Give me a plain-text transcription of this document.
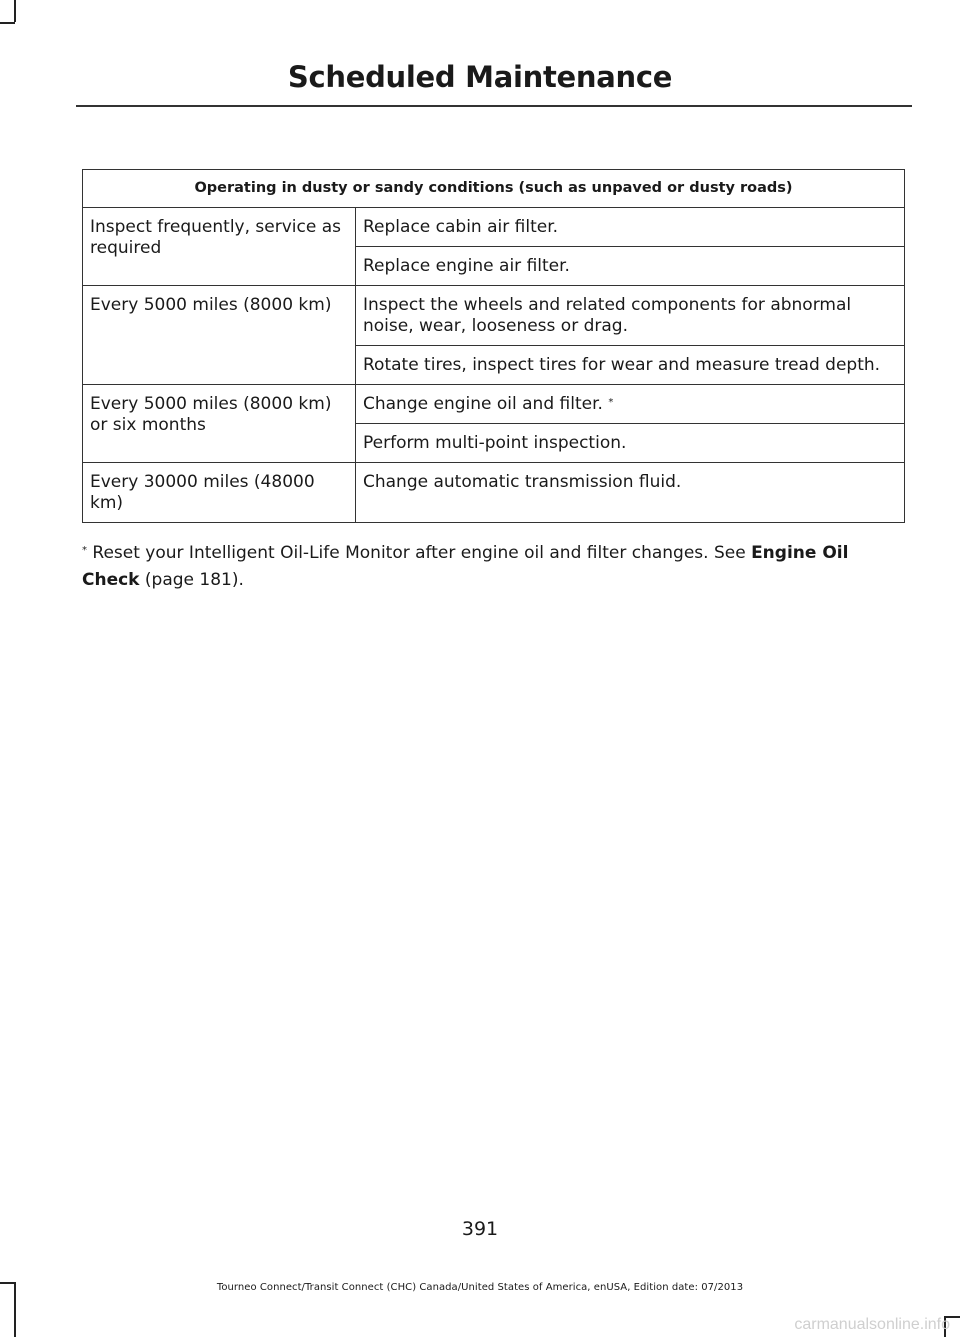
Scheduled Maintenance
Operating in dusty or sandy conditions (such as unpaved or dusty roads)	
Inspect frequently, service as required	Replace cabin air filter.
	Replace engine air filter.
Every 5000 miles (8000 km)	Inspect the wheels and related components for abnormal noise, wear, looseness or drag.
	Rotate tires, inspect tires for wear and measure tread depth.
Every 5000 miles (8000 km) or six months	Change engine oil and filter. *
	Perform multi-point inspection.
Every 30000 miles (48000 km)	Change automatic transmission fluid.
* Reset your Intelligent Oil-Life Monitor after engine oil and filter changes. See Engine Oil Check (page 181).
391
Tourneo Connect/Transit Connect (CHC) Canada/United States of America, enUSA, Edition date: 07/2013
carmanualsonline.info
